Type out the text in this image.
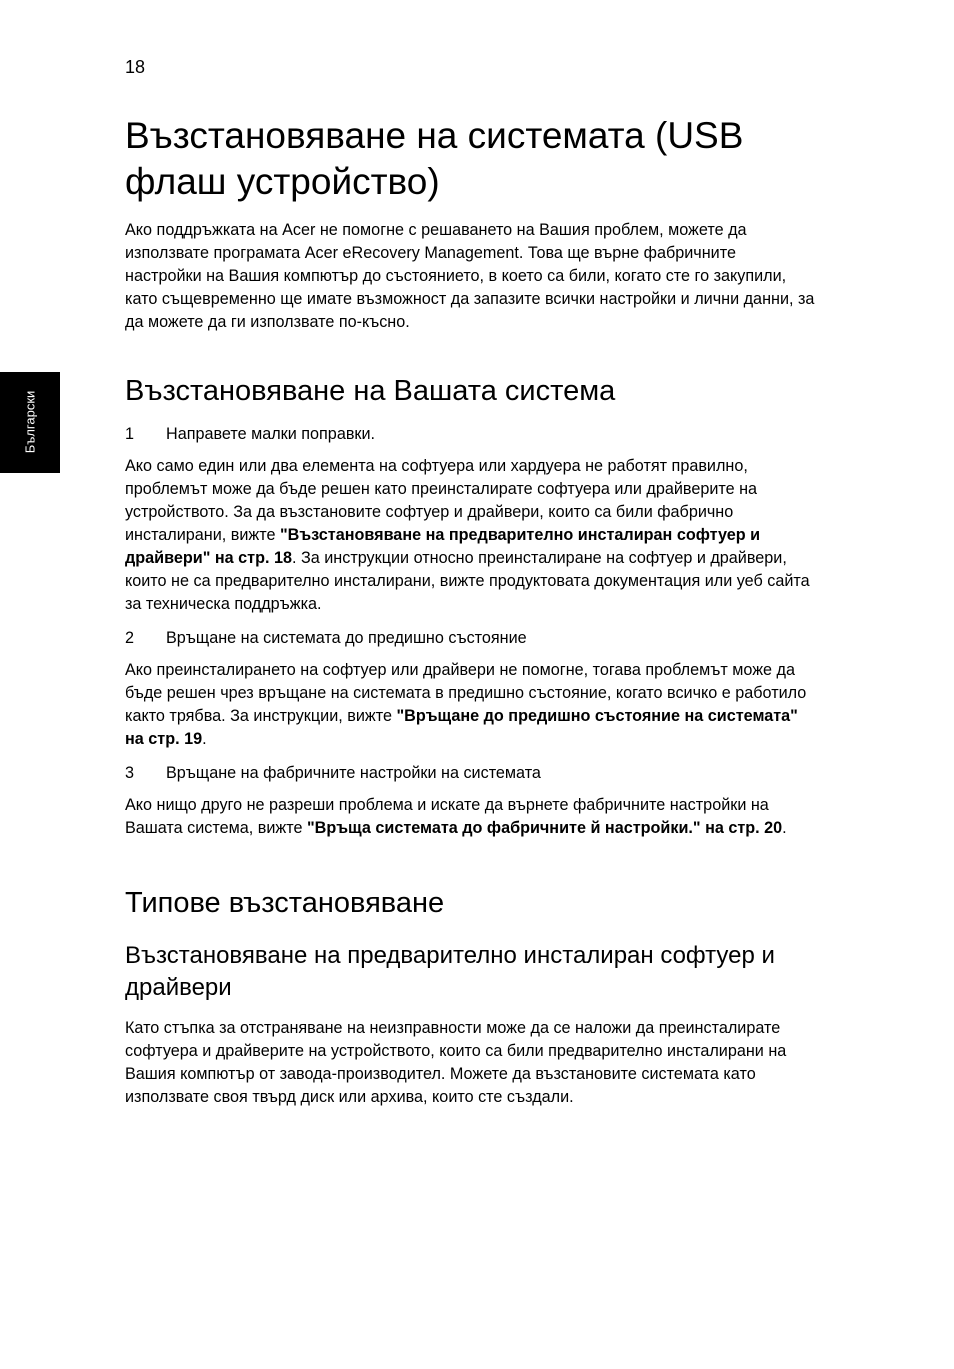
18
Български
Възстановяване на системата (USB флаш устройство)

Ако поддръжката на Acer не помогне с решаването на Вашия проблем, можете да използвате програмата Acer eRecovery Management. Това ще върне фабричните настройки на Вашия компютър до състоянието, в което са били, когато сте го закупили, като същевременно ще имате възможност да запазите всички настройки и лични данни, за да можете да ги използвате по-късно.

Възстановяване на Вашата система
1	Направете малки поправки.

Ако само един или два елемента на софтуера или хардуера не работят правилно, проблемът може да бъде решен като преинсталирате софтуера или драйверите на устройството. За да възстановите софтуер и драйвери, които са били фабрично инсталирани, вижте "Възстановяване на предварително инсталиран софтуер и драйвери" на стр. 18. За инструкции относно преинсталиране на софтуер и драйвери, които не са предварително инсталирани, вижте продуктовата документация или уеб сайта за техническа поддръжка.

2	Връщане на системата до предишно състояние

Ако преинсталирането на софтуер или драйвери не помогне, тогава проблемът може да бъде решен чрез връщане на системата в предишно състояние, когато всичко е работило както трябва. За инструкции, вижте "Връщане до предишно състояние на системата" на стр. 19.

3	Връщане на фабричните настройки на системата

Ако нищо друго не разреши проблема и искате да върнете фабричните настройки на Вашата система, вижте "Връща системата до фабричните й настройки." на стр. 20.

Типове възстановяване
Възстановяване на предварително инсталиран софтуер и драйвери

Като стъпка за отстраняване на неизправности може да се наложи да преинсталирате софтуера и драйверите на устройството, които са били предварително инсталирани на Вашия компютър от завода-производител. Можете да възстановите системата като използвате своя твърд диск или архива, които сте създали.
